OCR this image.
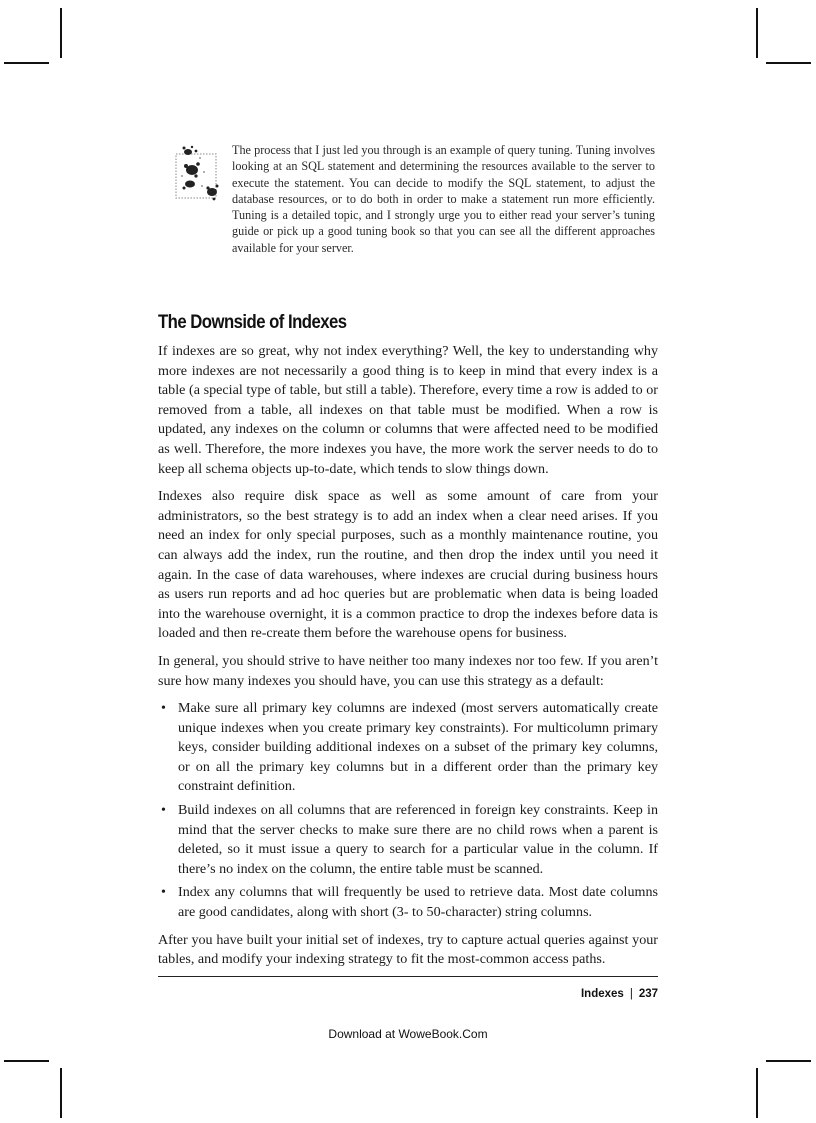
The process that I just led you through is an example of query tuning. Tuning involves looking at an SQL statement and determining the resources available to the server to execute the statement. You can decide to modify the SQL statement, to adjust the database resources, or to do both in order to make a statement run more efficiently. Tuning is a detailed topic, and I strongly urge you to either read your server’s tuning guide or pick up a good tuning book so that you can see all the different approaches available for your server.
The Downside of Indexes

If indexes are so great, why not index everything? Well, the key to understanding why more indexes are not necessarily a good thing is to keep in mind that every index is a table (a special type of table, but still a table). Therefore, every time a row is added to or removed from a table, all indexes on that table must be modified. When a row is updated, any indexes on the column or columns that were affected need to be modified as well. Therefore, the more indexes you have, the more work the server needs to do to keep all schema objects up-to-date, which tends to slow things down.

Indexes also require disk space as well as some amount of care from your administrators, so the best strategy is to add an index when a clear need arises. If you need an index for only special purposes, such as a monthly maintenance routine, you can always add the index, run the routine, and then drop the index until you need it again. In the case of data warehouses, where indexes are crucial during business hours as users run reports and ad hoc queries but are problematic when data is being loaded into the warehouse overnight, it is a common practice to drop the indexes before data is loaded and then re-create them before the warehouse opens for business.

In general, you should strive to have neither too many indexes nor too few. If you aren’t sure how many indexes you should have, you can use this strategy as a default:

• Make sure all primary key columns are indexed (most servers automatically create unique indexes when you create primary key constraints). For multicolumn primary keys, consider building additional indexes on a subset of the primary key columns, or on all the primary key columns but in a different order than the primary key constraint definition.
• Build indexes on all columns that are referenced in foreign key constraints. Keep in mind that the server checks to make sure there are no child rows when a parent is deleted, so it must issue a query to search for a particular value in the column. If there’s no index on the column, the entire table must be scanned.
• Index any columns that will frequently be used to retrieve data. Most date columns are good candidates, along with short (3- to 50-character) string columns.

After you have built your initial set of indexes, try to capture actual queries against your tables, and modify your indexing strategy to fit the most-common access paths.

Indexes | 237
Download at WoweBook.Com
